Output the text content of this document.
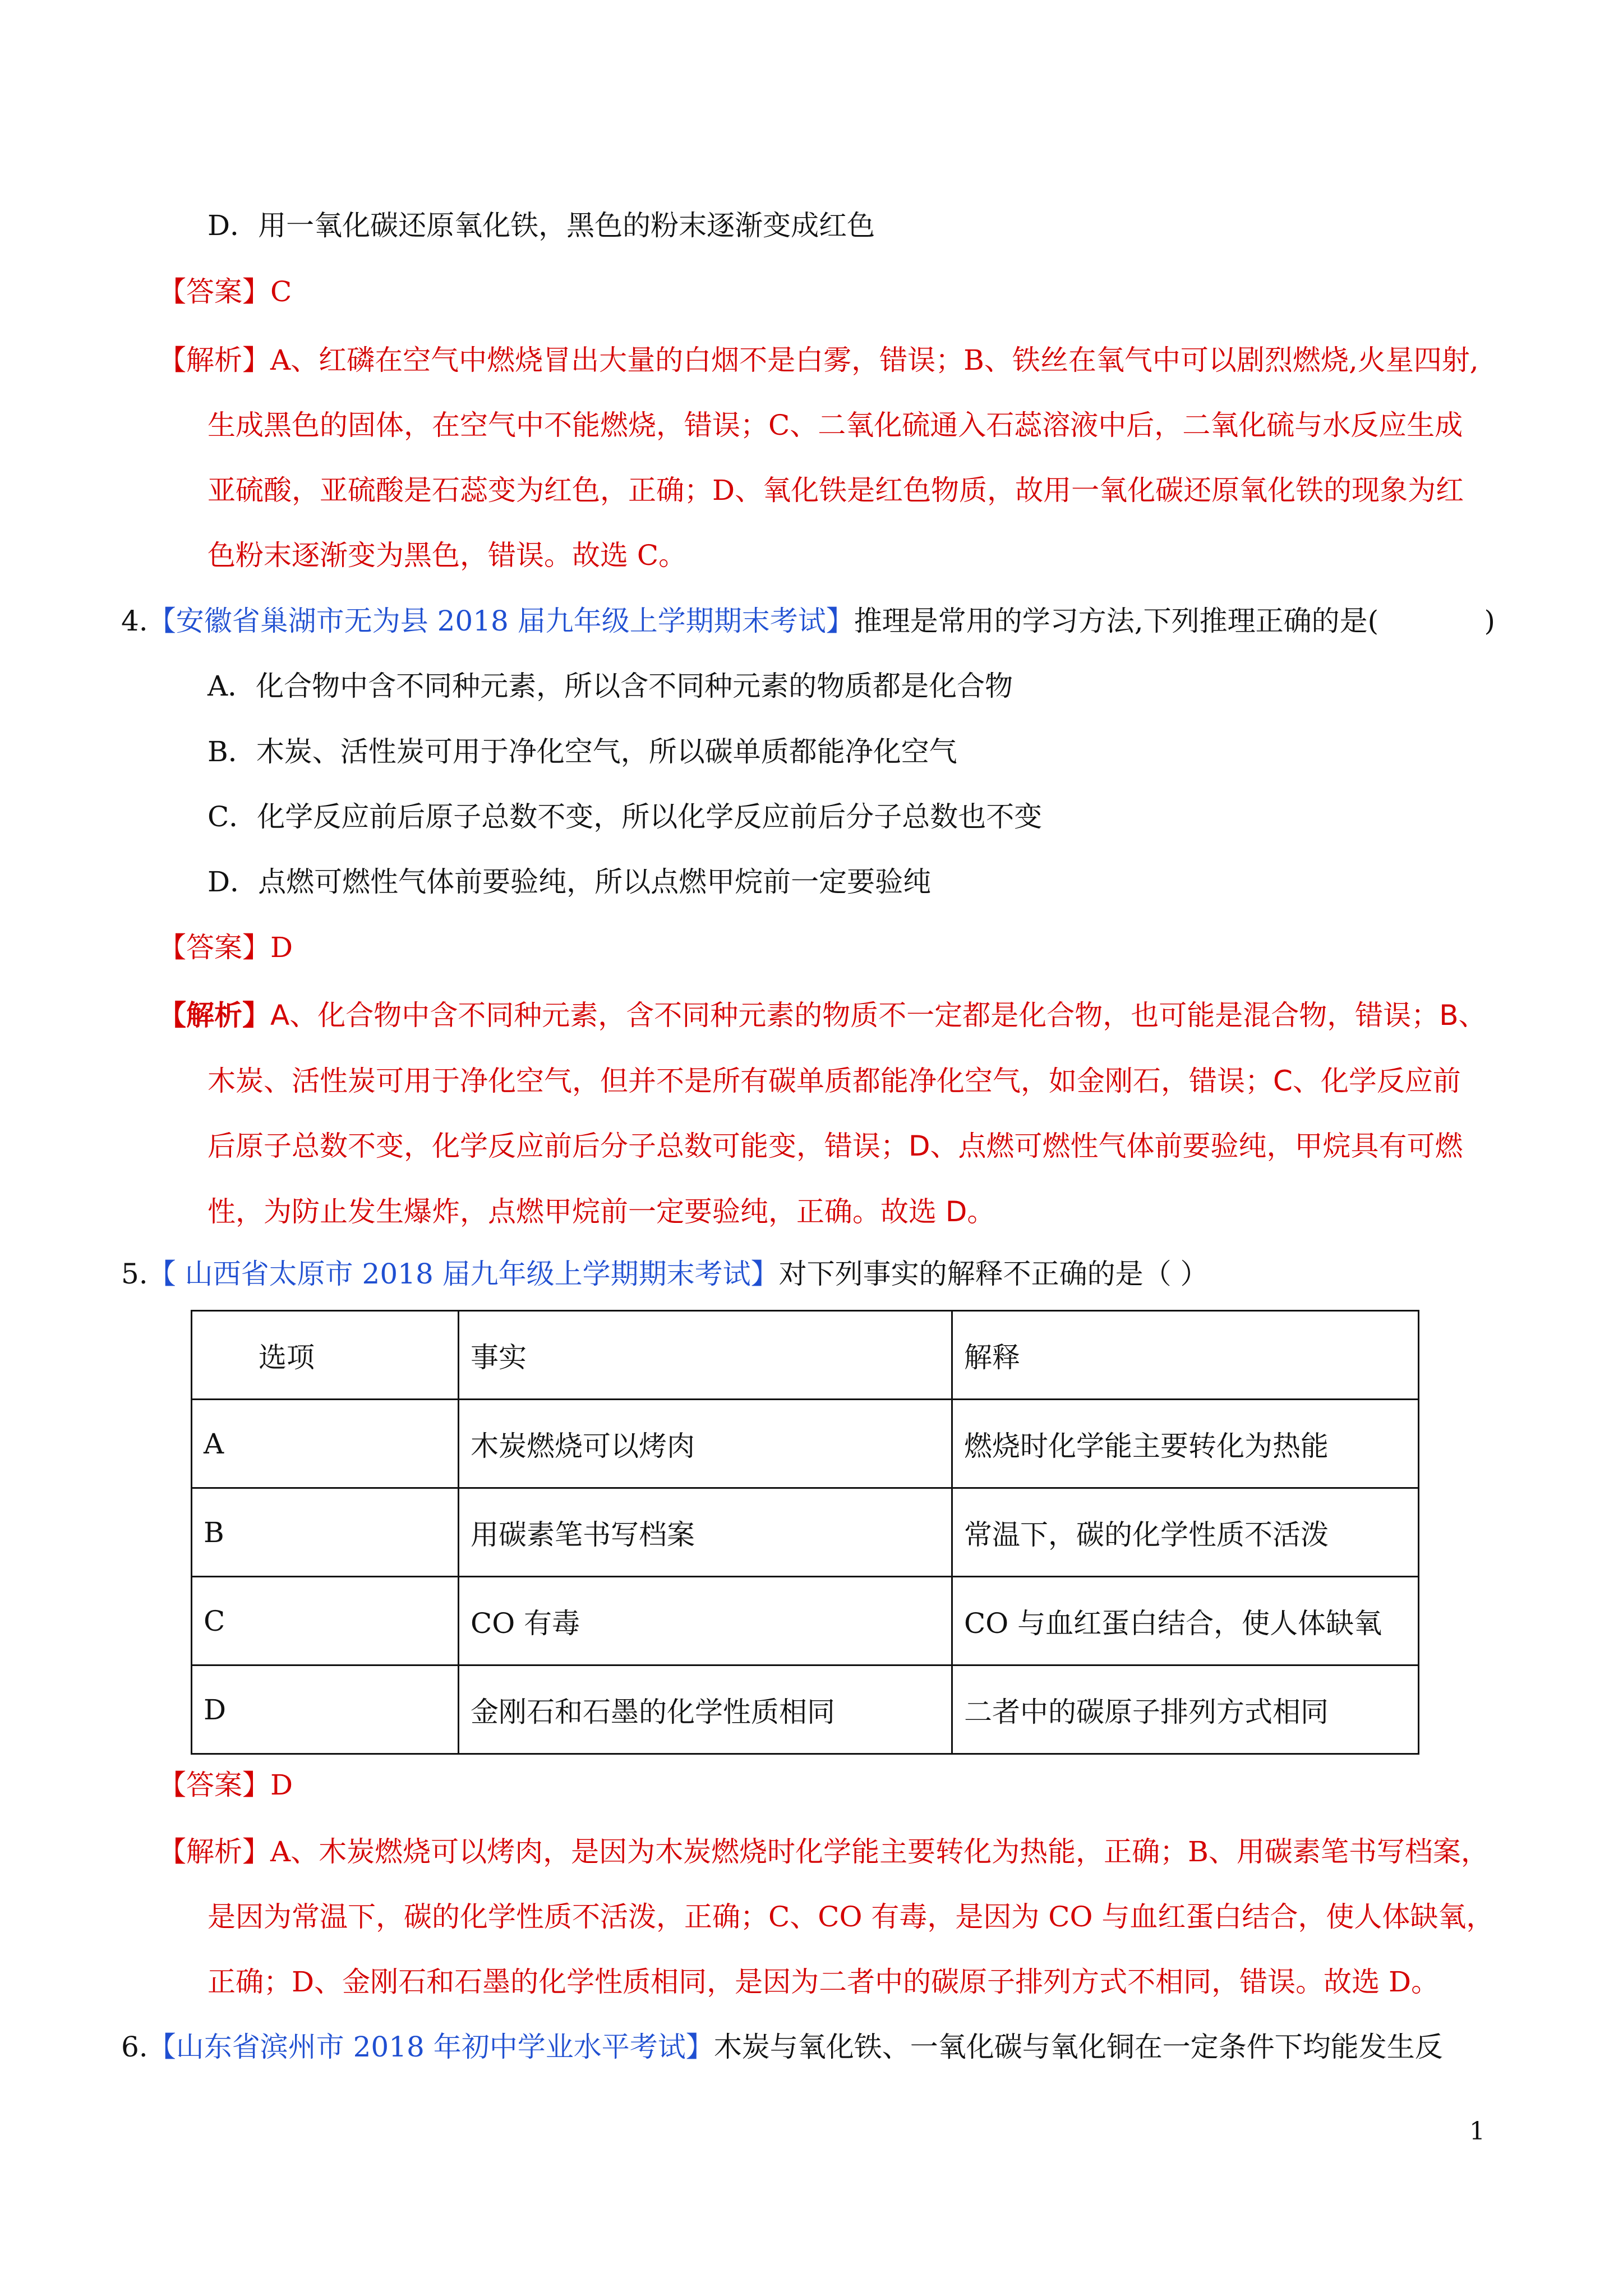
D．用一氧化碳还原氧化铁，黑色的粉末逐渐变成红色
【答案】C
【解析】A、红磷在空气中燃烧冒出大量的白烟不是白雾，错误；B、铁丝在氧气中可以剧烈燃烧,火星四射,
生成黑色的固体，在空气中不能燃烧，错误；C、二氧化硫通入石蕊溶液中后，二氧化硫与水反应生成
亚硫酸，亚硫酸是石蕊变为红色，正确；D、氧化铁是红色物质，故用一氧化碳还原氧化铁的现象为红
色粉末逐渐变为黑色，错误。故选 C。
4.【安徽省巢湖市无为县 2018 届九年级上学期期末考试】推理是常用的学习方法,下列推理正确的是(	)
A．化合物中含不同种元素，所以含不同种元素的物质都是化合物
B．木炭、活性炭可用于净化空气，所以碳单质都能净化空气
C．化学反应前后原子总数不变，所以化学反应前后分子总数也不变
D．点燃可燃性气体前要验纯，所以点燃甲烷前一定要验纯
【答案】D
【解析】A、化合物中含不同种元素，含不同种元素的物质不一定都是化合物，也可能是混合物，错误；B、
木炭、活性炭可用于净化空气，但并不是所有碳单质都能净化空气，如金刚石，错误；C、化学反应前
后原子总数不变，化学反应前后分子总数可能变，错误；D、点燃可燃性气体前要验纯，甲烷具有可燃
性，为防止发生爆炸，点燃甲烷前一定要验纯，正确。故选 D。
5.【 山西省太原市 2018 届九年级上学期期末考试】对下列事实的解释不正确的是（ ）
选项	事实	解释
A	木炭燃烧可以烤肉	燃烧时化学能主要转化为热能
B	用碳素笔书写档案	常温下，碳的化学性质不活泼
C	CO 有毒	CO 与血红蛋白结合，使人体缺氧
D	金刚石和石墨的化学性质相同	二者中的碳原子排列方式相同
【答案】D
【解析】A、木炭燃烧可以烤肉，是因为木炭燃烧时化学能主要转化为热能，正确；B、用碳素笔书写档案，
是因为常温下，碳的化学性质不活泼，正确；C、CO 有毒，是因为 CO 与血红蛋白结合，使人体缺氧，
正确；D、金刚石和石墨的化学性质相同，是因为二者中的碳原子排列方式不相同，错误。故选 D。
6.【山东省滨州市 2018 年初中学业水平考试】木炭与氧化铁、一氧化碳与氧化铜在一定条件下均能发生反
1
